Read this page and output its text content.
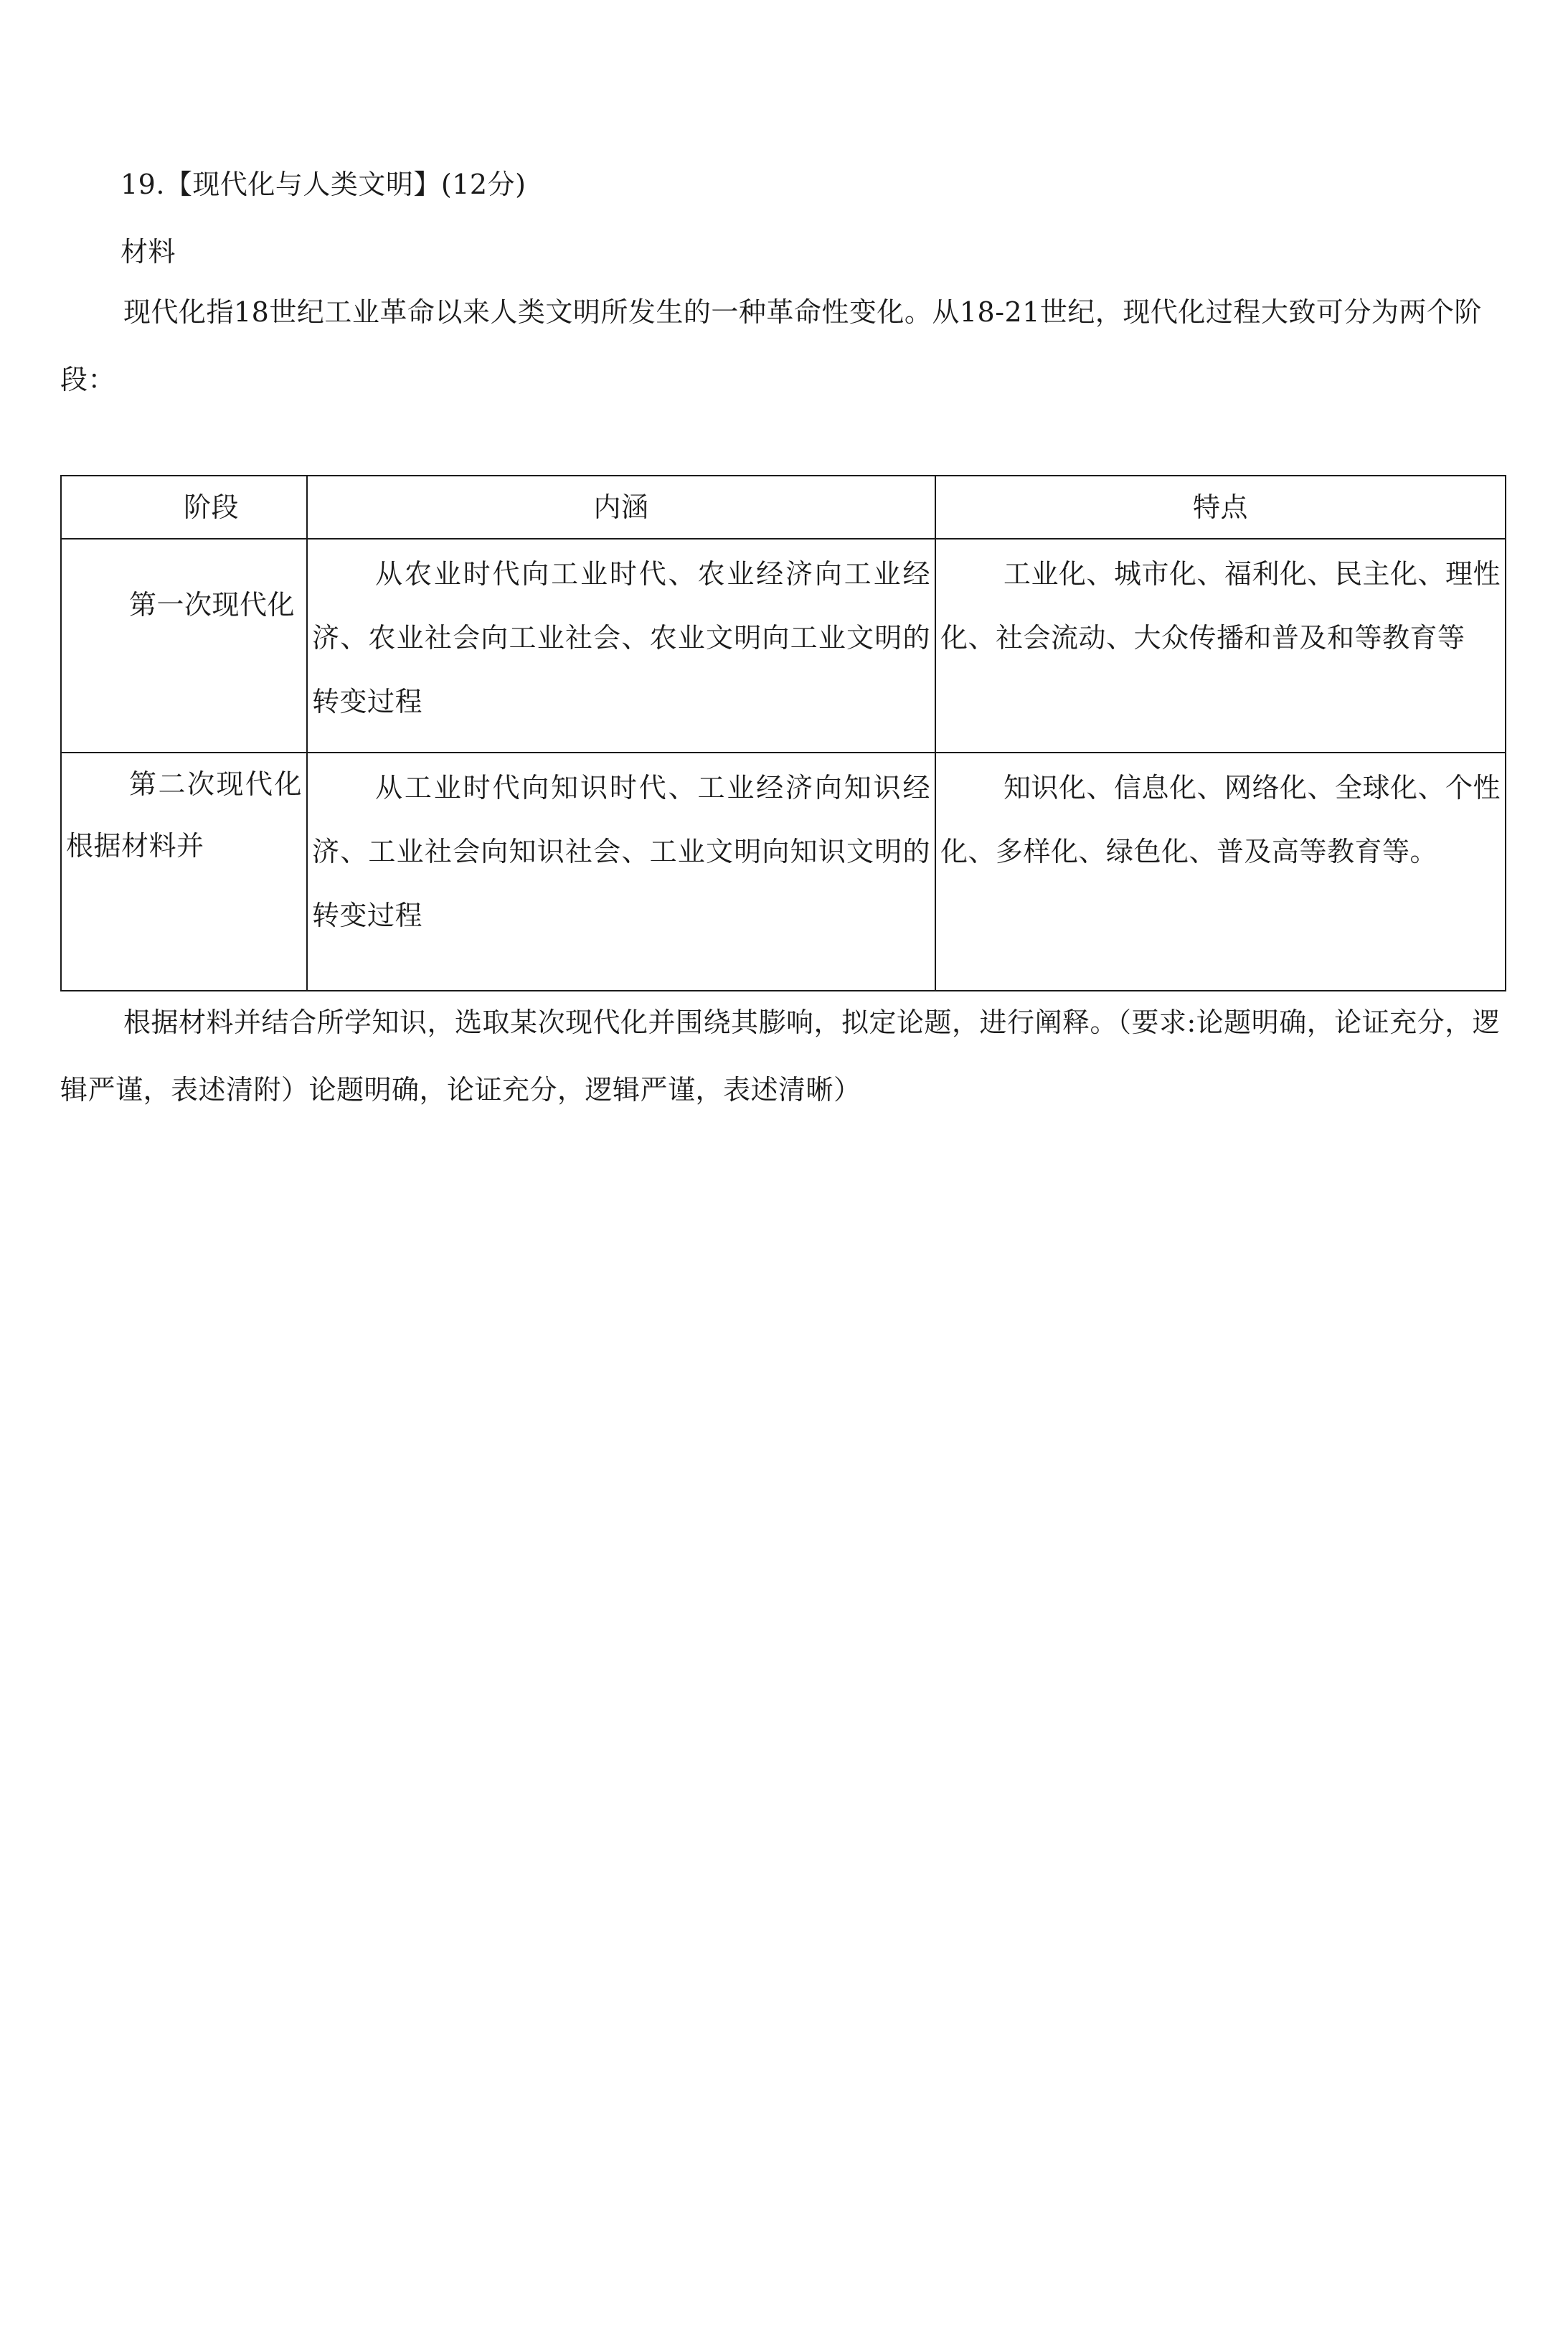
19.【现代化与人类文明】(12分)
材料

现代化指18世纪工业革命以来人类文明所发生的一种革命性变化。从18-21世纪，现代化过程大致可分为两个阶段：

阶段	内涵	特点

第一次现代化	从农业时代向工业时代、农业经济向工业经济、农业社会向工业社会、农业文明向工业文明的转变过程	工业化、城市化、福利化、民主化、理性化、社会流动、大众传播和普及和等教育等

第二次现代化根据材料并	从工业时代向知识时代、工业经济向知识经济、工业社会向知识社会、工业文明向知识文明的转变过程	知识化、信息化、网络化、全球化、个性化、多样化、绿色化、普及高等教育等。

根据材料并结合所学知识，选取某次现代化并围绕其膨响，拟定论题，进行阐释。（要求:论题明确，论证充分，逻辑严谨，表述清附）论题明确，论证充分，逻辑严谨，表述清晰）
